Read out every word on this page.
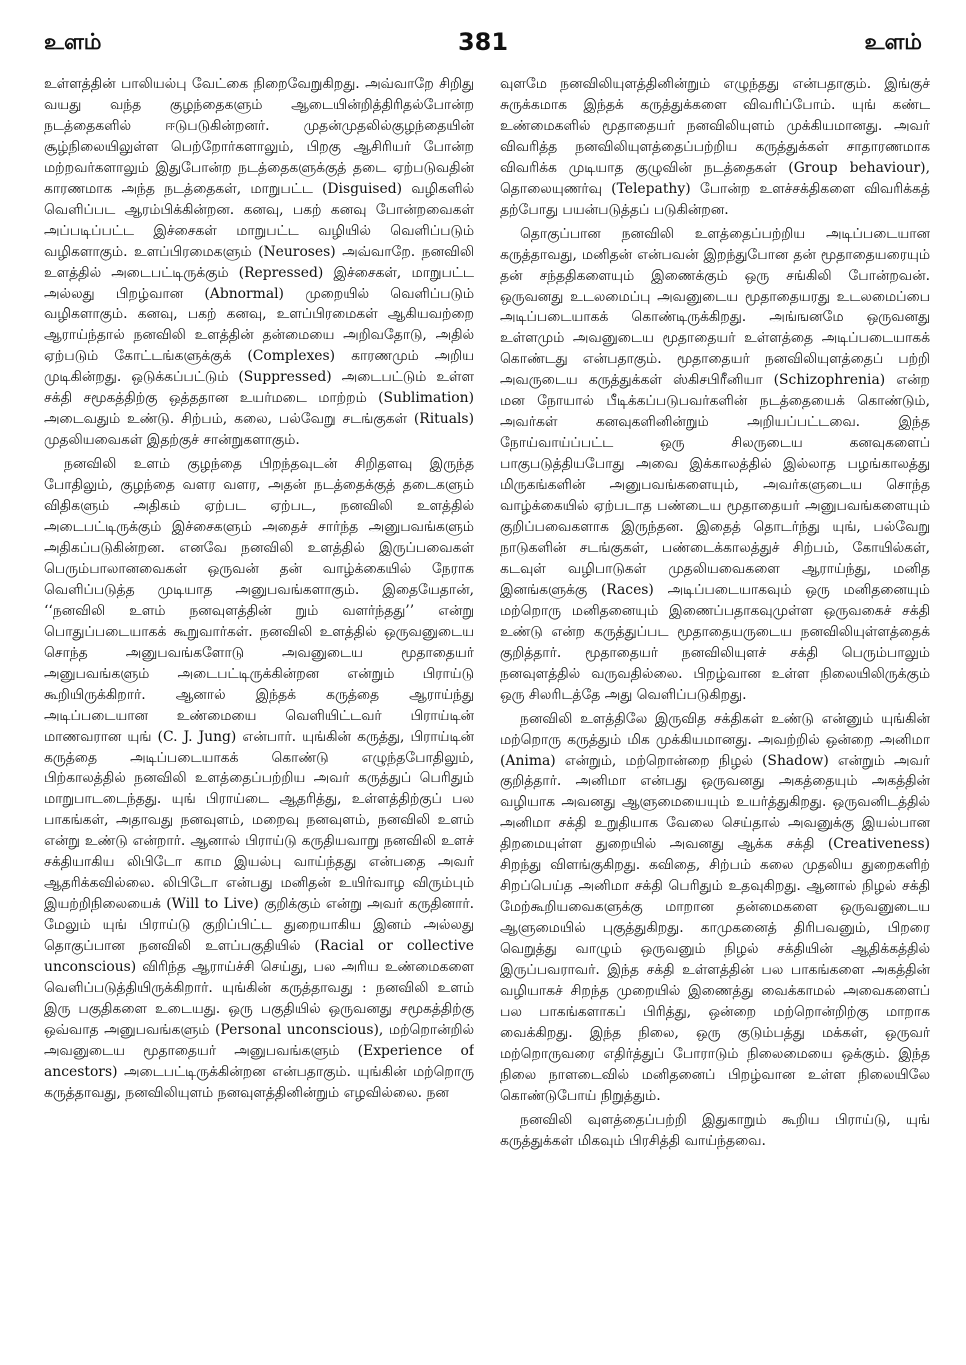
உளம்	381	உளம்

உள்ளத்தின் பாலியல்பு வேட்கை நிறைவேறுகிறது. அவ்வாறே சிறிது வயது வந்த குழந்தைகளும் ஆடையின்றித்திரிதல்போன்ற நடத்தைகளில் ஈடுபடுகின்றனர். முதன்முதலில்குழந்தையின் சூழ்நிலையிலுள்ள பெற்றோர்களாலும், பிறகு ஆசிரியர் போன்ற மற்றவர்களாலும் இதுபோன்ற நடத்தைகளுக்குத் தடை ஏற்படுவதின் காரணமாக அந்த நடத்தைகள், மாறுபட்ட (Disguised) வழிகளில் வெளிப்பட ஆரம்பிக்கின்றன. கனவு, பகற் கனவு போன்றவைகள் அப்படிப்பட்ட இச்சைகள் மாறுபட்ட வழியில் வெளிப்படும் வழிகளாகும். உளப்பிரமைகளும் (Neuroses) அவ்வாறே. நனவிலி உளத்தில் அடைபட்டிருக்கும் (Repressed) இச்சைகள், மாறுபட்ட அல்லது பிறழ்வான (Abnormal) முறையில் வெளிப்படும் வழிகளாகும். கனவு, பகற் கனவு, உளப்பிரமைகள் ஆகியவற்றை ஆராய்ந்தால் நனவிலி உளத்தின் தன்மையை அறிவதோடு, அதில் ஏற்படும் கோட்டங்களுக்குக் (Complexes) காரணமும் அறிய முடிகின்றது. ஒடுக்கப்பட்டும் (Suppressed) அடைபட்டும் உள்ள சக்தி சமூகத்திற்கு ஒத்ததான உயர்மடை மாற்றம் (Sublimation) அடைவதும் உண்டு. சிற்பம், கலை, பல்வேறு சடங்குகள் (Rituals) முதலியவைகள் இதற்குச் சான்றுகளாகும்.

நனவிலி உளம் குழந்தை பிறந்தவுடன் சிறிதளவு இருந்த போதிலும், குழந்தை வளர வளர, அதன் நடத்தைக்குத் தடைகளும் விதிகளும் அதிகம் ஏற்பட ஏற்பட, நனவிலி உளத்தில் அடைபட்டிருக்கும் இச்சைகளும் அதைச் சார்ந்த அனுபவங்களும் அதிகப்படுகின்றன. எனவே நனவிலி உளத்தில் இருப்பவைகள் பெரும்பாலானவைகள் ஒருவன் தன் வாழ்க்கையில் நேராக வெளிப்படுத்த முடியாத அனுபவங்களாகும். இதையேதான், ‘‘நனவிலி உளம் நனவுளத்தின் றும் வளர்ந்தது’’ என்று பொதுப்படையாகக் கூறுவார்கள். நனவிலி உளத்தில் ஒருவனுடைய சொந்த அனுபவங்களோடு அவனுடைய மூதாதையர் அனுபவங்களும் அடைபட்டிருக்கின்றன என்றும் பிராய்டு கூறியிருக்கிறார். ஆனால் இந்தக் கருத்தை ஆராய்ந்து அடிப்படையான உண்மையை வெளியிட்டவர் பிராய்டின் மாணவரான யுங் (C. J. Jung) என்பார். யுங்கின் கருத்து, பிராய்டின் கருத்தை அடிப்படையாகக் கொண்டு எழுந்தபோதிலும், பிற்காலத்தில் நனவிலி உளத்தைப்பற்றிய அவர் கருத்துப் பெரிதும் மாறுபாடடைந்தது. யுங் பிராய்டை ஆதரித்து, உள்ளத்திற்குப் பல பாகங்கள், அதாவது நனவுளம், மறைவு நனவுளம், நனவிலி உளம் என்று உண்டு என்றார். ஆனால் பிராய்டு கருதியவாறு நனவிலி உளச் சக்தியாகிய லிபிடோ காம இயல்பு வாய்ந்தது என்பதை அவர் ஆதரிக்கவில்லை. லிபிடோ என்பது மனிதன் உயிர்வாழ விரும்பும் இயற்றிநிலையைக் (Will to Live) குறிக்கும் என்று அவர் கருதினார். மேலும் யுங் பிராய்டு குறிப்பிட்ட துறையாகிய இனம் அல்லது தொகுப்பான நனவிலி உளப்பகுதியில் (Racial or collective unconscious) விரிந்த ஆராய்ச்சி செய்து, பல அரிய உண்மைகளை வெளிப்படுத்தியிருக்கிறார். யுங்கின் கருத்தாவது : நனவிலி உளம் இரு பகுதிகளை உடையது. ஒரு பகுதியில் ஒருவனது சமூகத்திற்கு ஒவ்வாத அனுபவங்களும் (Personal unconscious), மற்றொன்றில் அவனுடைய மூதாதையர் அனுபவங்களும் (Experience of ancestors) அடைபட்டிருக்கின்றன என்பதாகும். யுங்கின் மற்றொரு கருத்தாவது, நனவிலியுளம் நனவுளத்தினின்றும் எழவில்லை. நன

வுளமே நனவிலியுளத்தினின்றும் எழுந்தது என்பதாகும். இங்குச் சுருக்கமாக இந்தக் கருத்துக்களை விவரிப்போம். யுங் கண்ட உண்மைகளில் மூதாதையர் நனவிலியுளம் முக்கியமானது. அவர் விவரித்த நனவிலியுளத்தைப்பற்றிய கருத்துக்கள் சாதாரணமாக விவரிக்க முடியாத குழுவின் நடத்தைகள் (Group behaviour), தொலையுணர்வு (Telepathy) போன்ற உளச்சக்திகளை விவரிக்கத் தற்போது பயன்படுத்தப் படுகின்றன.

தொகுப்பான நனவிலி உளத்தைப்பற்றிய அடிப்படையான கருத்தாவது, மனிதன் என்பவன் இறந்துபோன தன் மூதாதையரையும் தன் சந்ததிகளையும் இணைக்கும் ஒரு சங்கிலி போன்றவன். ஒருவனது உடலமைப்பு அவனுடைய மூதாதையரது உடலமைப்பை அடிப்படையாகக் கொண்டிருக்கிறது. அங்ஙனமே ஒருவனது உள்ளமும் அவனுடைய மூதாதையர் உள்ளத்தை அடிப்படையாகக் கொண்டது என்பதாகும். மூதாதையர் நனவிலியுளத்தைப் பற்றி அவருடைய கருத்துக்கள் ஸ்கிசபிரீனியா (Schizophrenia) என்ற மன நோயால் பீடிக்கப்படுபவர்களின் நடத்தையைக் கொண்டும், அவர்கள் கனவுகளினின்றும் அறியப்பட்டவை. இந்த நோய்வாய்ப்பட்ட ஒரு சிலருடைய கனவுகளைப் பாகுபடுத்தியபோது அவை இக்காலத்தில் இல்லாத பழங்காலத்து மிருகங்களின் அனுபவங்களையும், அவர்களுடைய சொந்த வாழ்க்கையில் ஏற்படாத பண்டைய மூதாதையர் அனுபவங்களையும் குறிப்பவைகளாக இருந்தன. இதைத் தொடர்ந்து யுங், பல்வேறு நாடுகளின் சடங்குகள், பண்டைக்காலத்துச் சிற்பம், கோயில்கள், கடவுள் வழிபாடுகள் முதலியவைகளை ஆராய்ந்து, மனித இனங்களுக்கு (Races) அடிப்படையாகவும் ஒரு மனிதனையும் மற்றொரு மனிதனையும் இணைப்பதாகவுமுள்ள ஒருவகைச் சக்தி உண்டு என்ற கருத்துப்பட மூதாதையருடைய நனவிலியுள்ளத்தைக் குறித்தார். மூதாதையர் நனவிலியுளச் சக்தி பெரும்பாலும் நனவுளத்தில் வருவதில்லை. பிறழ்வான உள்ள நிலையிலிருக்கும் ஒரு சிலரிடத்தே அது வெளிப்படுகிறது.

நனவிலி உளத்திலே இருவித சக்திகள் உண்டு என்னும் யுங்கின் மற்றொரு கருத்தும் மிக முக்கியமானது. அவற்றில் ஒன்றை அனிமா (Anima) என்றும், மற்றொன்றை நிழல் (Shadow) என்றும் அவர் குறித்தார். அனிமா என்பது ஒருவனது அகத்தையும் அகத்தின் வழியாக அவனது ஆளுமையையும் உயர்த்துகிறது. ஒருவனிடத்தில் அனிமா சக்தி உறுதியாக வேலை செய்தால் அவனுக்கு இயல்பான திறமையுள்ள துறையில் அவனது ஆக்க சக்தி (Creativeness) சிறந்து விளங்குகிறது. கவிதை, சிற்பம் கலை முதலிய துறைகளிற் சிறப்பெய்த அனிமா சக்தி பெரிதும் உதவுகிறது. ஆனால் நிழல் சக்தி மேற்கூறியவைகளுக்கு மாறான தன்மைகளை ஒருவனுடைய ஆளுமையில் புகுத்துகிறது. காமுகனைத் திரிபவனும், பிறரை வெறுத்து வாழும் ஒருவனும் நிழல் சக்தியின் ஆதிக்கத்தில் இருப்பவராவர். இந்த சக்தி உள்ளத்தின் பல பாகங்களை அகத்தின் வழியாகச் சிறந்த முறையில் இணைத்து வைக்காமல் அவைகளைப் பல பாகங்களாகப் பிரித்து, ஒன்றை மற்றொன்றிற்கு மாறாக வைக்கிறது. இந்த நிலை, ஒரு குடும்பத்து மக்கள், ஒருவர் மற்றொருவரை எதிர்த்துப் போராடும் நிலைமையை ஒக்கும். இந்த நிலை நாளடைவில் மனிதனைப் பிறழ்வான உள்ள நிலையிலே கொண்டுபோய் நிறுத்தும்.

நனவிலி வுளத்தைப்பற்றி இதுகாறும் கூறிய பிராய்டு, யுங் கருத்துக்கள் மிகவும் பிரசித்தி வாய்ந்தவை.
